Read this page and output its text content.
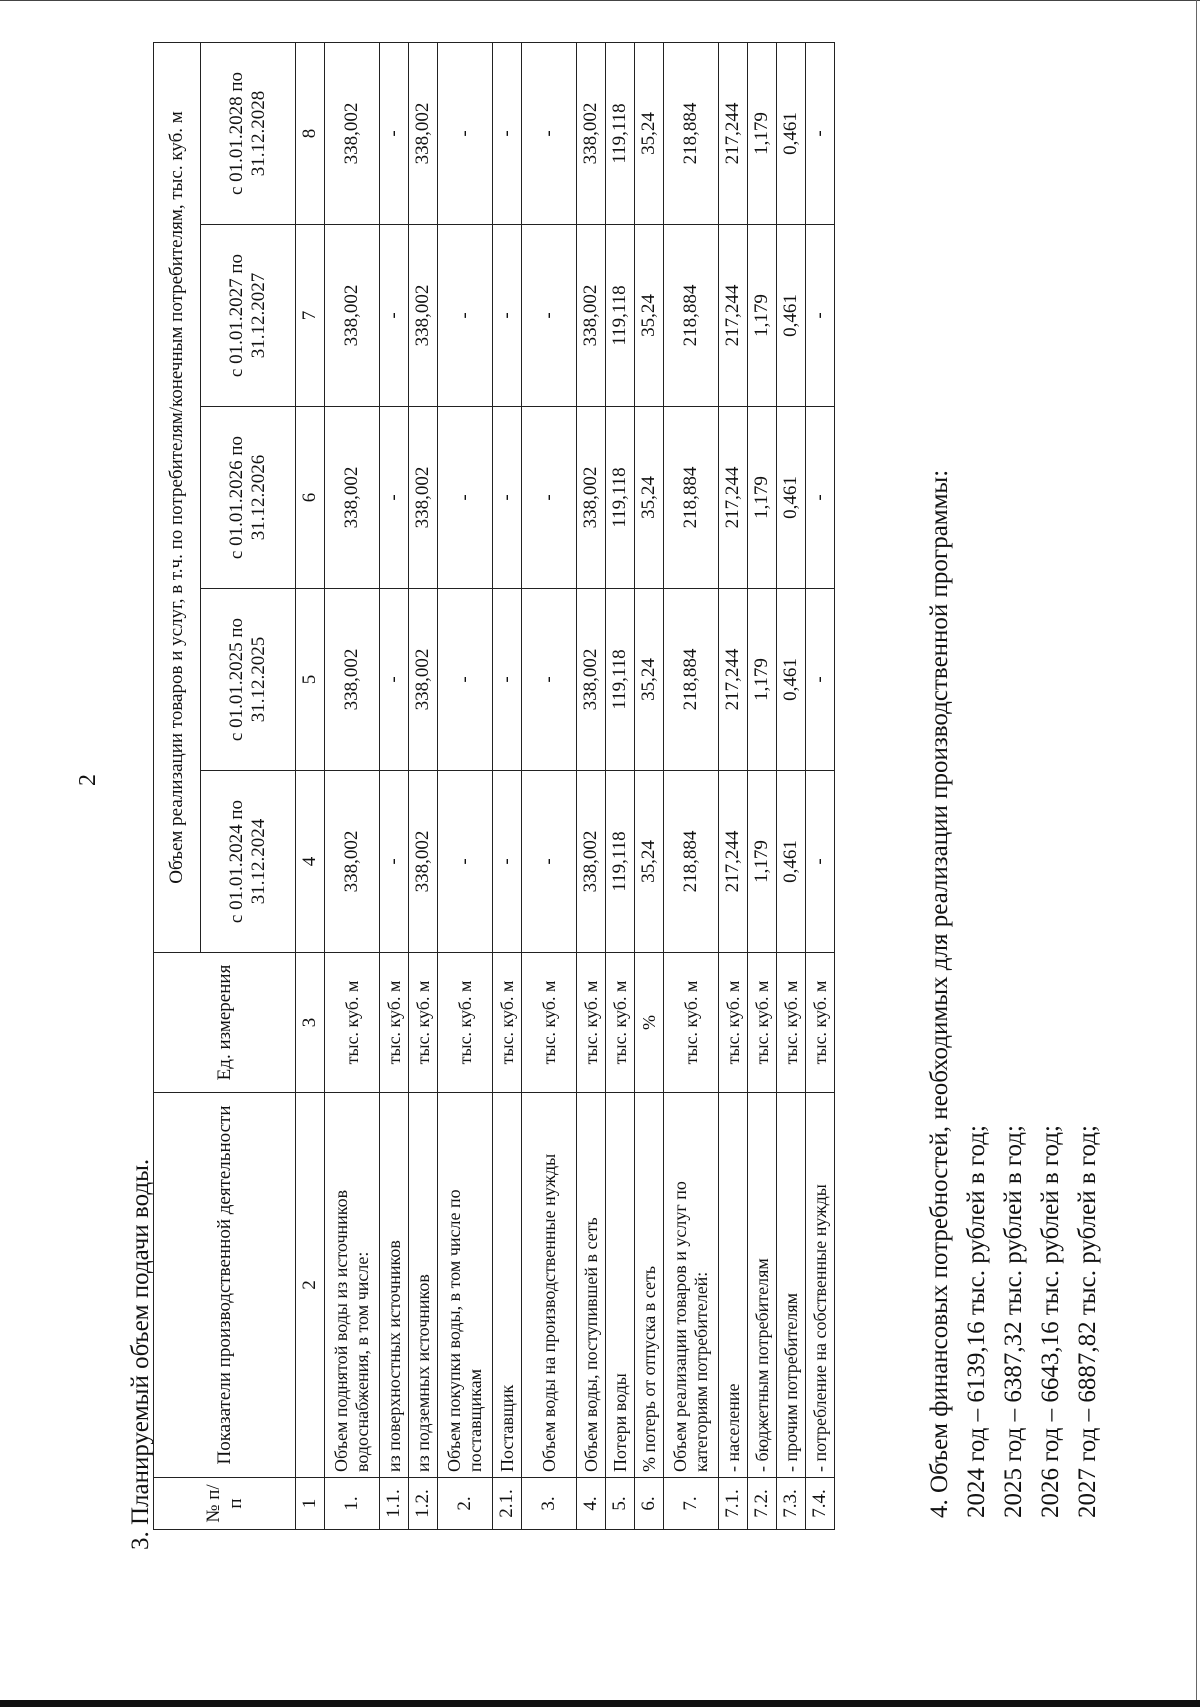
2
3. Планируемый объем подачи воды.	№ п/п	Показатели производственной деятельности	Ед. измерения	Объем реализации товаров и услуг, в т.ч. по потребителям/конечным потребителям, тыс. куб. м				
			с 01.01.2024 по 31.12.2024	с 01.01.2025 по 31.12.2025	с 01.01.2026 по 31.12.2026	с 01.01.2027 по 31.12.2027	с 01.01.2028 по 31.12.2028
1	2	3	4	5	6	7	8
1.	Объем поднятой воды из источников водоснабжения, в том числе:	тыс. куб. м	338,002	338,002	338,002	338,002	338,002
1.1.	из поверхностных источников	тыс. куб. м	-	-	-	-	-
1.2.	из подземных источников	тыс. куб. м	338,002	338,002	338,002	338,002	338,002
2.	Объем покупки воды, в том числе по поставщикам	тыс. куб. м	-	-	-	-	-
2.1.	Поставщик	тыс. куб. м	-	-	-	-	-
3.	Объем воды на производственные нужды	тыс. куб. м	-	-	-	-	-
4.	Объем воды, поступившей в сеть	тыс. куб. м	338,002	338,002	338,002	338,002	338,002
5.	Потери воды	тыс. куб. м	119,118	119,118	119,118	119,118	119,118
6.	% потерь от отпуска в сеть	%	35,24	35,24	35,24	35,24	35,24
7.	Объем реализации товаров и услуг по категориям потребителей:	тыс. куб. м	218,884	218,884	218,884	218,884	218,884
7.1.	- население	тыс. куб. м	217,244	217,244	217,244	217,244	217,244
7.2.	- бюджетным потребителям	тыс. куб. м	1,179	1,179	1,179	1,179	1,179
7.3.	- прочим потребителям	тыс. куб. м	0,461	0,461	0,461	0,461	0,461
7.4.	- потребление на собственные нужды	тыс. куб. м	-	-	-	-	-
4. Объем финансовых потребностей, необходимых для реализации производственной программы: 2024 год – 6139,16 тыс. рублей в год; 2025 год – 6387,32 тыс. рублей в год; 2026 год – 6643,16 тыс. рублей в год; 2027 год – 6887,82 тыс. рублей в год;
